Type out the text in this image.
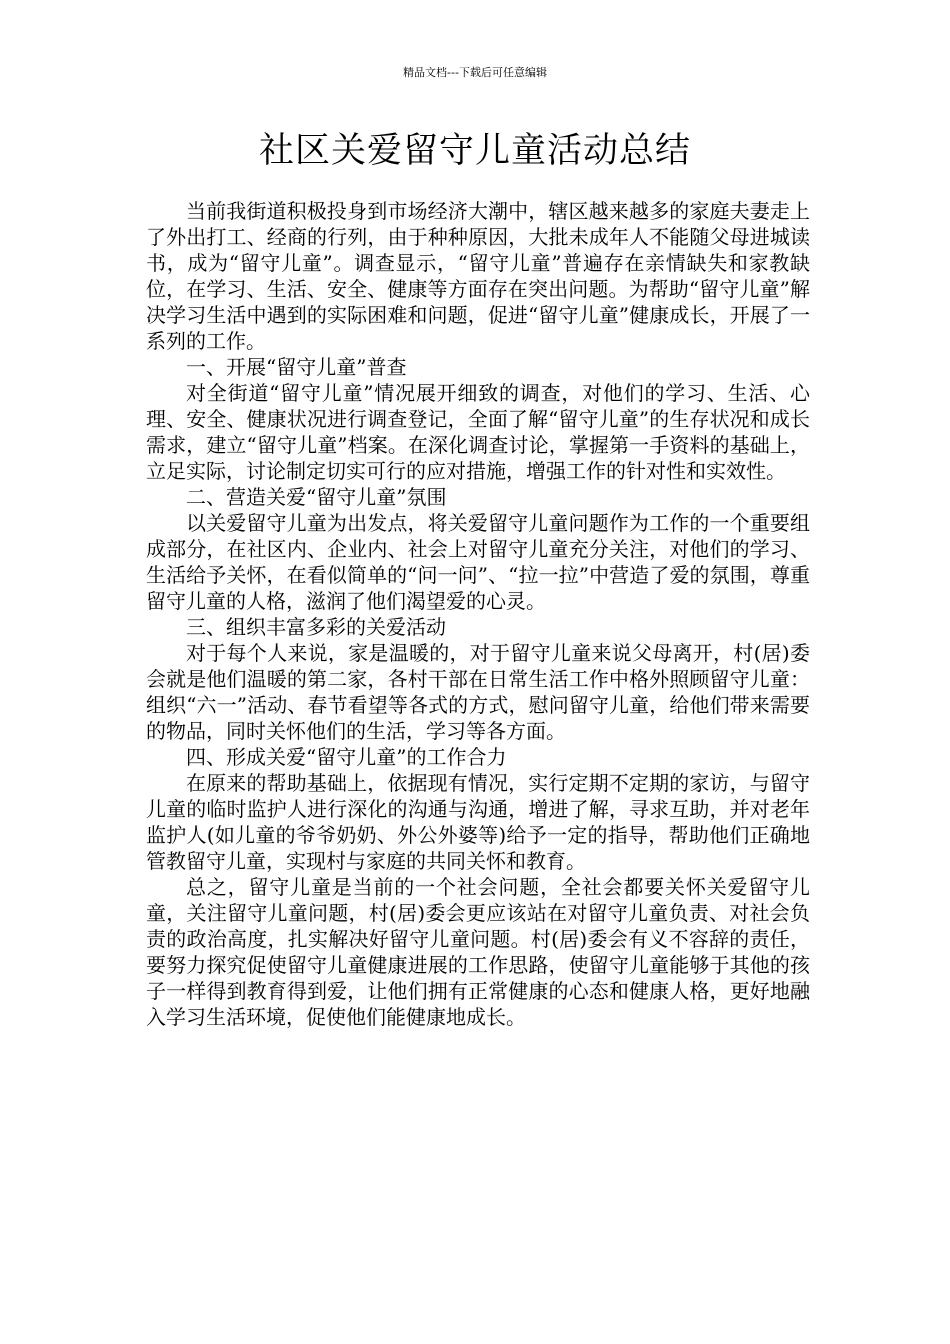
精品文档---下载后可任意编辑
社区关爱留守儿童活动总结

当前我街道积极投身到市场经济大潮中，辖区越来越多的家庭夫妻走上了外出打工、经商的行列，由于种种原因，大批未成年人不能随父母进城读书，成为“留守儿童”。调查显示，“留守儿童”普遍存在亲情缺失和家教缺位，在学习、生活、安全、健康等方面存在突出问题。为帮助“留守儿童”解决学习生活中遇到的实际困难和问题，促进“留守儿童”健康成长，开展了一系列的工作。

一、开展“留守儿童”普查

对全街道“留守儿童”情况展开细致的调查，对他们的学习、生活、心理、安全、健康状况进行调查登记，全面了解“留守儿童”的生存状况和成长需求，建立“留守儿童”档案。在深化调查讨论，掌握第一手资料的基础上，立足实际，讨论制定切实可行的应对措施，增强工作的针对性和实效性。

二、营造关爱“留守儿童”氛围

以关爱留守儿童为出发点，将关爱留守儿童问题作为工作的一个重要组成部分，在社区内、企业内、社会上对留守儿童充分关注，对他们的学习、生活给予关怀，在看似简单的“问一问”、“拉一拉”中营造了爱的氛围，尊重留守儿童的人格，滋润了他们渴望爱的心灵。

三、组织丰富多彩的关爱活动

对于每个人来说，家是温暖的，对于留守儿童来说父母离开，村(居)委会就是他们温暖的第二家，各村干部在日常生活工作中格外照顾留守儿童：组织“六一”活动、春节看望等各式的方式，慰问留守儿童，给他们带来需要的物品，同时关怀他们的生活，学习等各方面。

四、形成关爱“留守儿童”的工作合力

在原来的帮助基础上，依据现有情况，实行定期不定期的家访，与留守儿童的临时监护人进行深化的沟通与沟通，增进了解，寻求互助，并对老年监护人(如儿童的爷爷奶奶、外公外婆等)给予一定的指导，帮助他们正确地管教留守儿童，实现村与家庭的共同关怀和教育。

总之，留守儿童是当前的一个社会问题，全社会都要关怀关爱留守儿童，关注留守儿童问题，村(居)委会更应该站在对留守儿童负责、对社会负责的政治高度，扎实解决好留守儿童问题。村(居)委会有义不容辞的责任，要努力探究促使留守儿童健康进展的工作思路，使留守儿童能够于其他的孩子一样得到教育得到爱，让他们拥有正常健康的心态和健康人格，更好地融入学习生活环境，促使他们能健康地成长。
